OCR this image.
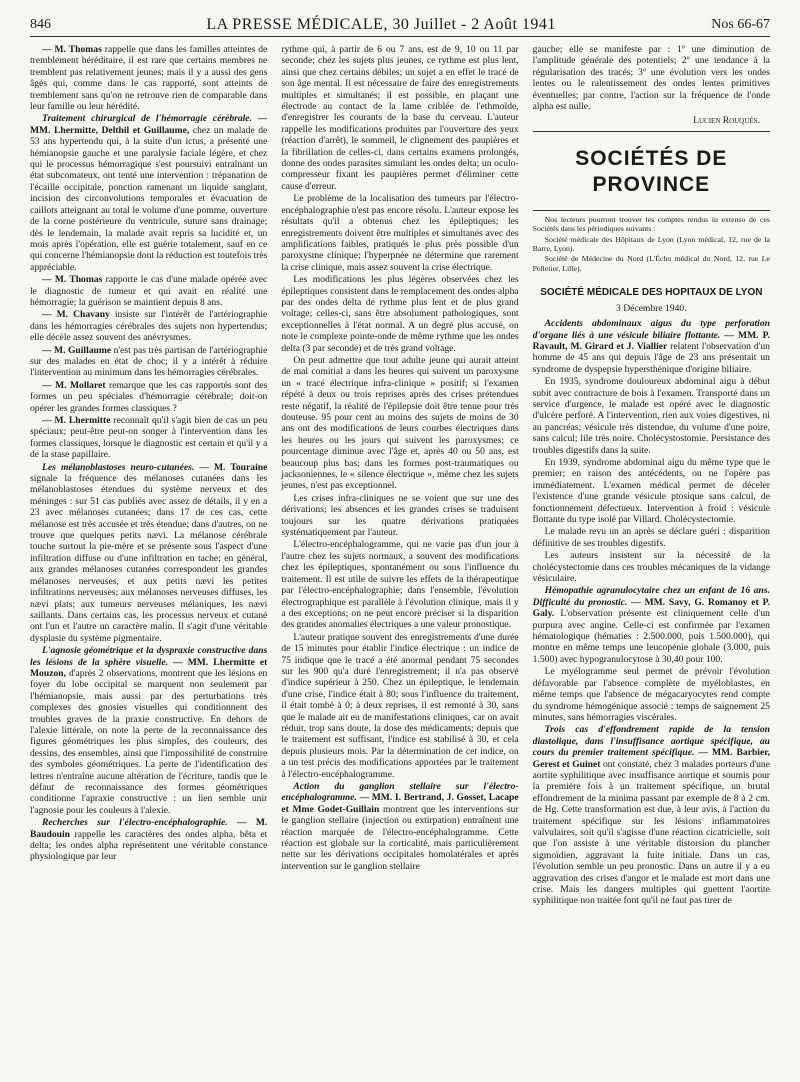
846	LA PRESSE MÉDICALE, 30 Juillet - 2 Août 1941	Nos 66-67

— M. Thomas rappelle que dans les familles atteintes de tremblement héréditaire, il est rare que certains membres ne tremblent pas relativement jeunes; mais il y a aussi des gens âgés qui, comme dans le cas rapporté, sont atteints de tremblement sans qu'on ne retrouve rien de comparable dans leur famille ou leur hérédité.

Traitement chirurgical de l'hémorragie cérébrale. — MM. Lhermitte, Delthil et Guillaume, chez un malade de 53 ans hypertendu qui, à la suite d'un ictus, a présenté une hémianopsie gauche et une paralysie faciale légère, et chez qui le processus hémorragique s'est poursuivi entraînant un état subcomateux, ont tenté une intervention : trépanation de l'écaille occipitale, ponction ramenant un liquide sanglant, incision des circonvolutions temporales et évacuation de caillots atteignant au total le volume d'une pomme, ouverture de la corne postérieure du ventricule, suture sans drainage; dès le lendemain, la malade avait repris sa lucidité et, un mois après l'opération, elle est guérie totalement, sauf en ce qui concerne l'hémianopsie dont la réduction est toutefois très appréciable.

— M. Thomas rapporte le cas d'une malade opérée avec le diagnostic de tumeur et qui avait en réalité une hémorragie; la guérison se maintient depuis 8 ans.

— M. Chavany insiste sur l'intérêt de l'artériographie dans les hémorragies cérébrales des sujets non hypertendus; elle décèle assez souvent des anévrysmes.

— M. Guillaume n'est pas très partisan de l'artériographie sur des malades en état de choc; il y a intérêt à réduire l'intervention au minimum dans les hémorragies cérébrales.

— M. Mollaret remarque que les cas rapportés sont des formes un peu spéciales d'hémorragie cérébrale; doit-on opérer les grandes formes classiques ?

— M. Lhermitte reconnaît qu'il s'agit bien de cas un peu spéciaux; peut-être peut-on songer à l'intervention dans les formes classiques, lorsque le diagnostic est certain et qu'il y a de la stase papillaire.

Les mélanoblastoses neuro-cutanées. — M. Touraine signale la fréquence des mélanoses cutanées dans les mélanoblastoses étendues du système nerveux et des méninges : sur 51 cas publiés avec assez de détails, il y en a 23 avec mélanoses cutanées; dans 17 de ces cas, cette mélanose est très accusée et très étendue; dans d'autres, on ne trouve que quelques petits nævi. La mélanose cérébrale touche surtout la pie-mère et se présente sous l'aspect d'une infiltration diffuse ou d'une infiltration en tache; en général, aux grandes mélanoses cutanées correspondent les grandes mélanoses nerveuses, et aux petits nævi les petites infiltrations nerveuses; aux mélanoses nerveuses diffuses, les nævi plats; aux tumeurs nerveuses mélaniques, les nævi saillants. Dans certains cas, les processus nerveux et cutané ont l'un et l'autre un caractère malin. Il s'agit d'une véritable dysplasie du système pigmentaire.

L'agnosie géométrique et la dyspraxie constructive dans les lésions de la sphère visuelle. — MM. Lhermitte et Mouzon, d'après 2 observations, montrent que les lésions en foyer du lobe occipital se marquent non seulement par l'hémianopsie, mais aussi par des perturbations très complexes des gnosies visuelles qui conditionnent des troubles graves de la praxie constructive. En dehors de l'alexie littérale, on note la perte de la reconnaissance des figures géométriques les plus simples, des couleurs, des dessins, des ensembles, ainsi que l'impossibilité de construire des symboles géométriques. La perte de l'identification des lettres n'entraîne aucune altération de l'écriture, tandis que le défaut de reconnaissance des formes géométriques conditionne l'apraxie constructive : un lien semble unir l'agnosie pour les couleurs à l'alexie.

Recherches sur l'électro-encéphalographie. — M. Baudouin rappelle les caractères des ondes alpha, bêta et delta; les ondes alpha représentent une véritable constance physiologique par leur

rythme qui, à partir de 6 ou 7 ans, est de 9, 10 ou 11 par seconde; chez les sujets plus jeunes, ce rythme est plus lent, ainsi que chez certains débiles; un sujet a en effet le tracé de son âge mental. Il est nécessaire de faire des enregistrements multiples et simultanés; il est possible, en plaçant une électrode au contact de la lame criblée de l'ethmoïde, d'enregistrer les courants de la base du cerveau. L'auteur rappelle les modifications produites par l'ouverture des yeux (réaction d'arrêt), le sommeil, le clignement des paupières et la fibrillation de celles-ci, dans certains examens prolongés, donne des ondes parasites simulant les ondes delta; un oculo-compresseur fixant les paupières permet d'éliminer cette cause d'erreur.

Le problème de la localisation des tumeurs par l'électro-encéphalographie n'est pas encore résolu. L'auteur expose les résultats qu'il a obtenus chez les épileptiques; les enregistrements doivent être multiples et simultanés avec des amplifications faibles, pratiqués le plus près possible d'un paroxysme clinique; l'hyperpnée ne détermine que rarement la crise clinique, mais assez souvent la crise électrique.

Les modifications les plus légères observées chez les épileptiques consistent dans le remplacement des ondes alpha par des ondes delta de rythme plus lent et de plus grand voltage; celles-ci, sans être absolument pathologiques, sont exceptionnelles à l'état normal. A un degré plus accusé, on note le complexe pointe-onde de même rythme que les ondes delta (3 par seconde) et de très grand voltage.

On peut admettre que tout adulte jeune qui aurait atteint de mal comitial a dans les heures qui suivent un paroxysme un « tracé électrique infra-clinique » positif; si l'examen répété à deux ou trois reprises après des crises prétendues reste négatif, la réalité de l'épilepsie doit être tenue pour très douteuse. 95 pour cent au moins des sujets de moins de 30 ans ont des modifications de leurs courbes électriques dans les heures ou les jours qui suivent les paroxysmes; ce pourcentage diminue avec l'âge et, après 40 ou 50 ans, est beaucoup plus bas; dans les formes post-traumatiques ou jacksoniennes, le « silence électrique », même chez les sujets jeunes, n'est pas exceptionnel.

Les crises infra-cliniques ne se voient que sur une des dérivations; les absences et les grandes crises se traduisent toujours sur les quatre dérivations pratiquées systématiquement par l'auteur.

L'électro-encéphalogramme, qui ne varie pas d'un jour à l'autre chez les sujets normaux, a souvent des modifications chez les épileptiques, spontanément ou sous l'influence du traitement. Il est utile de suivre les effets de la thérapeutique par l'électro-encéphalographie; dans l'ensemble, l'évolution électrographique est parallèle à l'évolution clinique, mais il y a des exceptions; on ne peut encore préciser si la disparition des grandes anomalies électriques a une valeur pronostique.

L'auteur pratique souvent des enregistrements d'une durée de 15 minutes pour établir l'indice électrique : un indice de 75 indique que le tracé a été anormal pendant 75 secondes sur les 900 qu'a duré l'enregistrement; il n'a pas observé d'indice supérieur à 250. Chez un épileptique, le lendemain d'une crise, l'indice était à 80; sous l'influence du traitement, il était tombé à 0; à deux reprises, il est remonté à 30, sans que le malade ait eu de manifestations cliniques, car on avait réduit, trop sans doute, la dose des médicaments; depuis que le traitement est suffisant, l'indice est stabilisé à 30, et cela depuis plusieurs mois. Par la détermination de cet indice, on a un test précis des modifications apportées par le traitement à l'électro-encéphalogramme.

Action du ganglion stellaire sur l'électro-encéphalogramme. — MM. I. Bertrand, J. Gosset, Lacape et Mme Godet-Guillain montrent que les interventions sur le ganglion stellaire (injection ou extirpation) entraînent une réaction marquée de l'électro-encéphalogramme. Cette réaction est globale sur la corticalité, mais particulièrement nette sur les dérivations occipitales homolatérales et après intervention sur le ganglion stellaire

gauche; elle se manifeste par : 1º une diminution de l'amplitude générale des potentiels; 2º une tendance à la régularisation des tracés; 3º une évolution vers les ondes lentes ou le ralentissement des ondes lentes primitives éventuelles; par contre, l'action sur la fréquence de l'onde alpha est nulle.

Lucien Rouquès.
SOCIÉTÉS DE PROVINCE

Nos lecteurs pourront trouver les comptes rendus in extenso de ces Sociétés dans les périodiques suivants :

Société médicale des Hôpitaux de Lyon (Lyon médical, 12, rue de la Barre, Lyon).

Société de Médecine du Nord (L'Écho médical du Nord, 12, rue Le Pelletier, Lille).

SOCIÉTÉ MÉDICALE DES HOPITAUX DE LYON
3 Décembre 1940.

Accidents abdominaux aigus du type perforation d'organe liés à une vésicule biliaire flottante. — MM. P. Ravault, M. Girard et J. Viallier relatent l'observation d'un homme de 45 ans qui depuis l'âge de 23 ans présentait un syndrome de dyspepsie hypersthénique d'origine biliaire.

En 1935, syndrome douloureux abdominal aigu à début subit avec contracture de bois à l'examen. Transporté dans un service d'urgence, le malade est opéré avec le diagnostic d'ulcère perforé. A l'intervention, rien aux voies digestives, ni au pancréas; vésicule très distendue, du volume d'une poire, sans calcul; lile très noire. Cholécystostomie. Persistance des troubles digestifs dans la suite.

En 1939, syndrome abdominal aigu du même type que le premier; en raison des antécédents, on ne l'opère pas immédiatement. L'examen médical permet de déceler l'existence d'une grande vésicule ptosique sans calcul, de fonctionnement défectueux. Intervention à froid : vésicule flottante du type isolé par Villard. Cholécystectomie.

Le malade revu un an après se déclare guéri : disparition définitive de ses troubles digestifs.

Les auteurs insistent sur la nécessité de la cholécystectomie dans ces troubles mécaniques de la vidange vésiculaire.

Hémopathie agranulocytaire chez un enfant de 16 ans. Difficulté du pronostic. — MM. Savy, G. Romanoy et P. Galy. L'observation présente est cliniquement celle d'un purpura avec angine. Celle-ci est confirmée par l'examen hématologique (hématies : 2.500.000, puis 1.500.000), qui montre en même temps une leucopénie globale (3.000, puis 1.500) avec hypogranulocytose à 30,40 pour 100.

Le myélogramme seul permet de prévoir l'évolution défavorable par l'absence complète de myéloblastes, en même temps que l'absence de mégacaryocytes rend compte du syndrome hémogénique associé : temps de saignement 25 minutes, sans hémorragies viscérales.

Trois cas d'effondrement rapide de la tension diastolique, dans l'insuffisance aortique spécifique, au cours du premier traitement spécifique. — MM. Barbier, Gerest et Guinet ont constaté, chez 3 malades porteurs d'une aortite syphilitique avec insuffisance aortique et soumis pour la première fois à un traitement spécifique, un brutal effondrement de la minima passant par exemple de 8 à 2 cm. de Hg. Cette transformation est due, à leur avis, à l'action du traitement spécifique sur les lésions inflammatoires valvulaires, soit qu'il s'agisse d'une réaction cicatricielle, soit que l'on assiste à une véritable distorsion du plancher sigmoïdien, aggravant la fuite initiale. Dans un cas, l'évolution semble un peu pronostic. Dans un autre il y a eu aggravation des crises d'angor et le malade est mort dans une crise. Mais les dangers multiples qui guettent l'aortite syphilitique non traitée font qu'il ne faut pas tirer de
